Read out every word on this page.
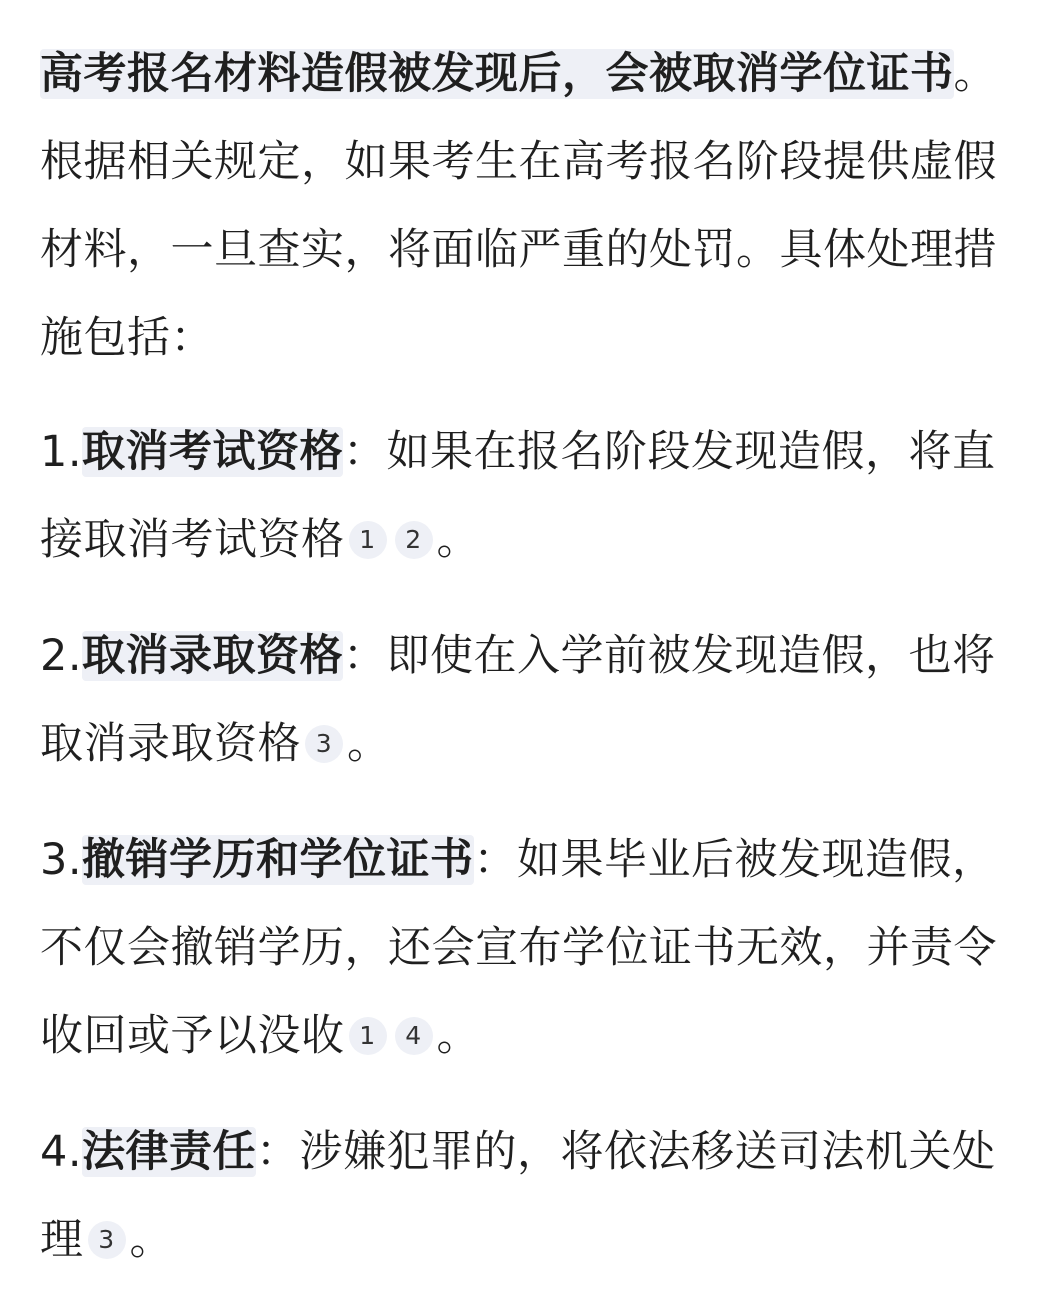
高考报名材料造假被发现后，会被取消学位证书。根据相关规定，如果考生在高考报名阶段提供虚假材料，一旦查实，将面临严重的处罚。具体处理措施包括：

1.取消考试资格：如果在报名阶段发现造假，将直接取消考试资格 1 2 。

2.取消录取资格：即使在入学前被发现造假，也将取消录取资格 3 。

3.撤销学历和学位证书：如果毕业后被发现造假，不仅会撤销学历，还会宣布学位证书无效，并责令收回或予以没收 1 4 。

4.法律责任：涉嫌犯罪的，将依法移送司法机关处理 3 。
